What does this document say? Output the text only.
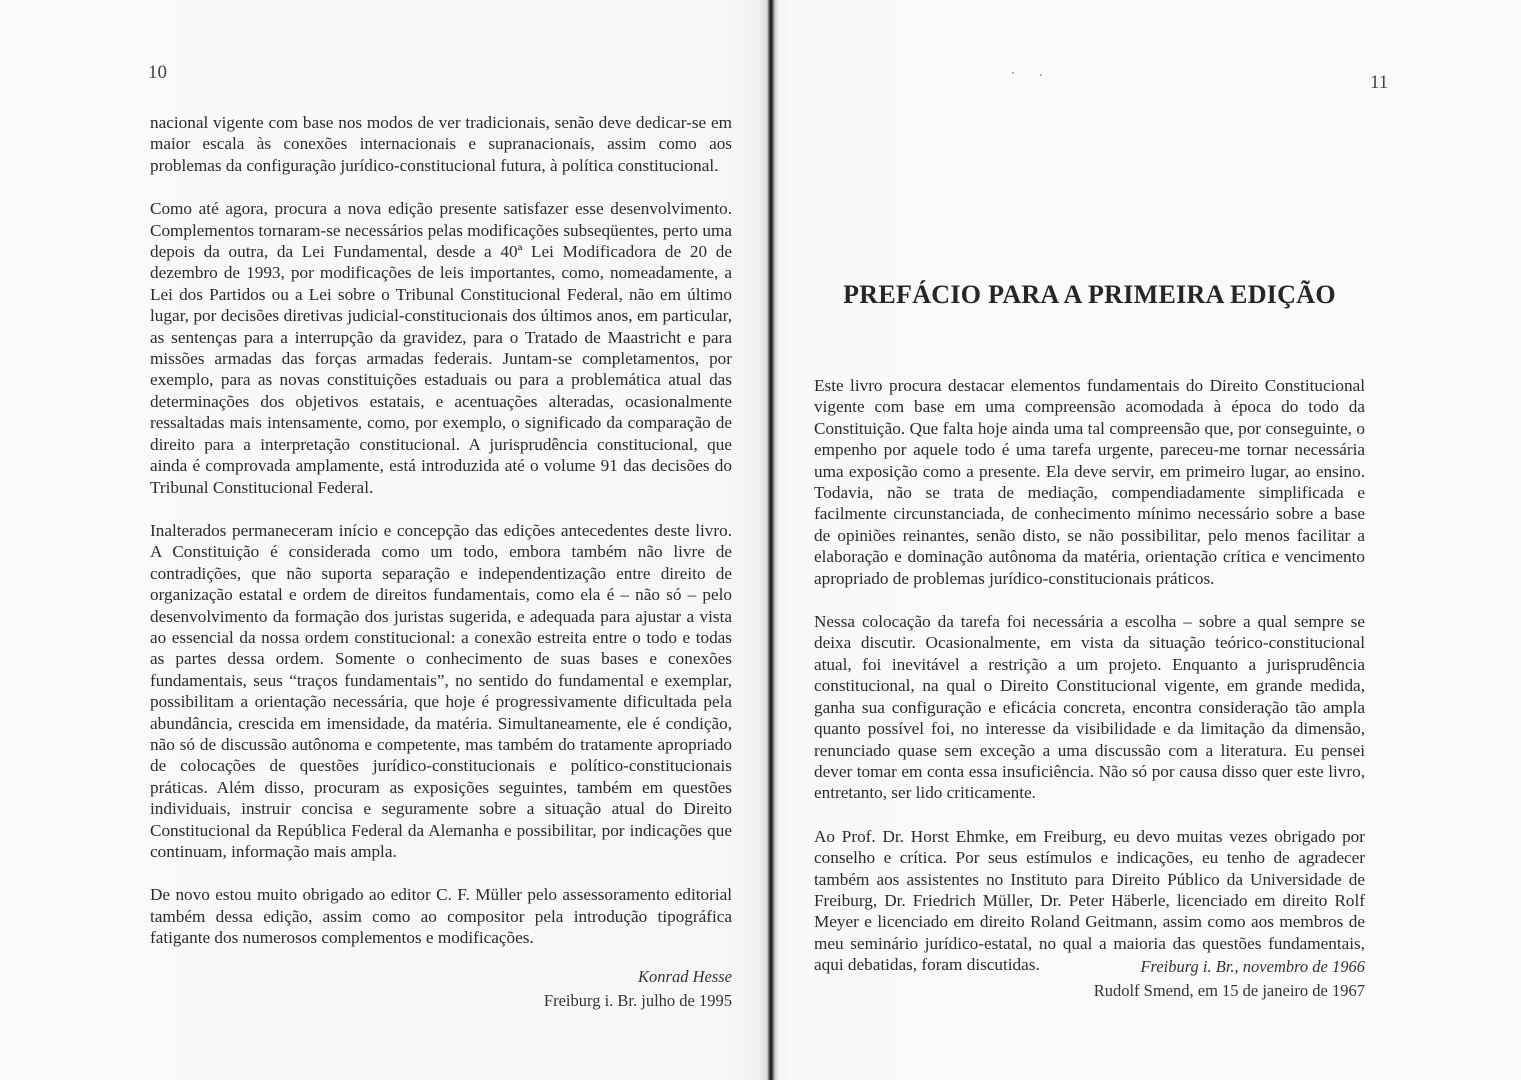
10

nacional vigente com base nos modos de ver tradicionais, senão deve dedicar-se em maior escala às conexões internacionais e supranacionais, assim como aos problemas da configuração jurídico-constitucional futura, à política constitucional.

Como até agora, procura a nova edição presente satisfazer esse desenvolvimento. Complementos tornaram-se necessários pelas modificações subseqüentes, perto uma depois da outra, da Lei Fundamental, desde a 40ª Lei Modificadora de 20 de dezembro de 1993, por modificações de leis importantes, como, nomeadamente, a Lei dos Partidos ou a Lei sobre o Tribunal Constitucional Federal, não em último lugar, por decisões diretivas judicial-constitucionais dos últimos anos, em particular, as sentenças para a interrupção da gravidez, para o Tratado de Maastricht e para missões armadas das forças armadas federais. Juntam-se completamentos, por exemplo, para as novas constituições estaduais ou para a problemática atual das determinações dos objetivos estatais, e acentuações alteradas, ocasionalmente ressaltadas mais intensamente, como, por exemplo, o significado da comparação de direito para a interpretação constitucional. A jurisprudência constitucional, que ainda é comprovada amplamente, está introduzida até o volume 91 das decisões do Tribunal Constitucional Federal.

Inalterados permaneceram início e concepção das edições antecedentes deste livro. A Constituição é considerada como um todo, embora também não livre de contradições, que não suporta separação e independentização entre direito de organização estatal e ordem de direitos fundamentais, como ela é – não só – pelo desenvolvimento da formação dos juristas sugerida, e adequada para ajustar a vista ao essencial da nossa ordem constitucional: a conexão estreita entre o todo e todas as partes dessa ordem. Somente o conhecimento de suas bases e conexões fundamentais, seus “traços fundamentais”, no sentido do fundamental e exemplar, possibilitam a orientação necessária, que hoje é progressivamente dificultada pela abundância, crescida em imensidade, da matéria. Simultaneamente, ele é condição, não só de discussão autônoma e competente, mas também do tratamente apropriado de colocações de questões jurídico-constitucionais e político-constitucionais práticas. Além disso, procuram as exposições seguintes, também em questões individuais, instruir concisa e seguramente sobre a situação atual do Direito Constitucional da República Federal da Alemanha e possibilitar, por indicações que continuam, informação mais ampla.

De novo estou muito obrigado ao editor C. F. Müller pelo assessoramento editorial também dessa edição, assim como ao compositor pela introdução tipográfica fatigante dos numerosos complementos e modificações.

Konrad Hesse
Freiburg i. Br. julho de 1995
11
PREFÁCIO PARA A PRIMEIRA EDIÇÃO

Este livro procura destacar elementos fundamentais do Direito Constitucional vigente com base em uma compreensão acomodada à época do todo da Constituição. Que falta hoje ainda uma tal compreensão que, por conseguinte, o empenho por aquele todo é uma tarefa urgente, pareceu-me tornar necessária uma exposição como a presente. Ela deve servir, em primeiro lugar, ao ensino. Todavia, não se trata de mediação, compendiadamente simplificada e facilmente circunstanciada, de conhecimento mínimo necessário sobre a base de opiniões reinantes, senão disto, se não possibilitar, pelo menos facilitar a elaboração e dominação autônoma da matéria, orientação crítica e vencimento apropriado de problemas jurídico-constitucionais práticos.

Nessa colocação da tarefa foi necessária a escolha – sobre a qual sempre se deixa discutir. Ocasionalmente, em vista da situação teórico-constitucional atual, foi inevitável a restrição a um projeto. Enquanto a jurisprudência constitucional, na qual o Direito Constitucional vigente, em grande medida, ganha sua configuração e eficácia concreta, encontra consideração tão ampla quanto possível foi, no interesse da visibilidade e da limitação da dimensão, renunciado quase sem exceção a uma discussão com a literatura. Eu pensei dever tomar em conta essa insuficiência. Não só por causa disso quer este livro, entretanto, ser lido criticamente.

Ao Prof. Dr. Horst Ehmke, em Freiburg, eu devo muitas vezes obrigado por conselho e crítica. Por seus estímulos e indicações, eu tenho de agradecer também aos assistentes no Instituto para Direito Público da Universidade de Freiburg, Dr. Friedrich Müller, Dr. Peter Häberle, licenciado em direito Rolf Meyer e licenciado em direito Roland Geitmann, assim como aos membros de meu seminário jurídico-estatal, no qual a maioria das questões fundamentais, aqui debatidas, foram discutidas.	Freiburg i. Br., novembro de 1966
Rudolf Smend, em 15 de janeiro de 1967
